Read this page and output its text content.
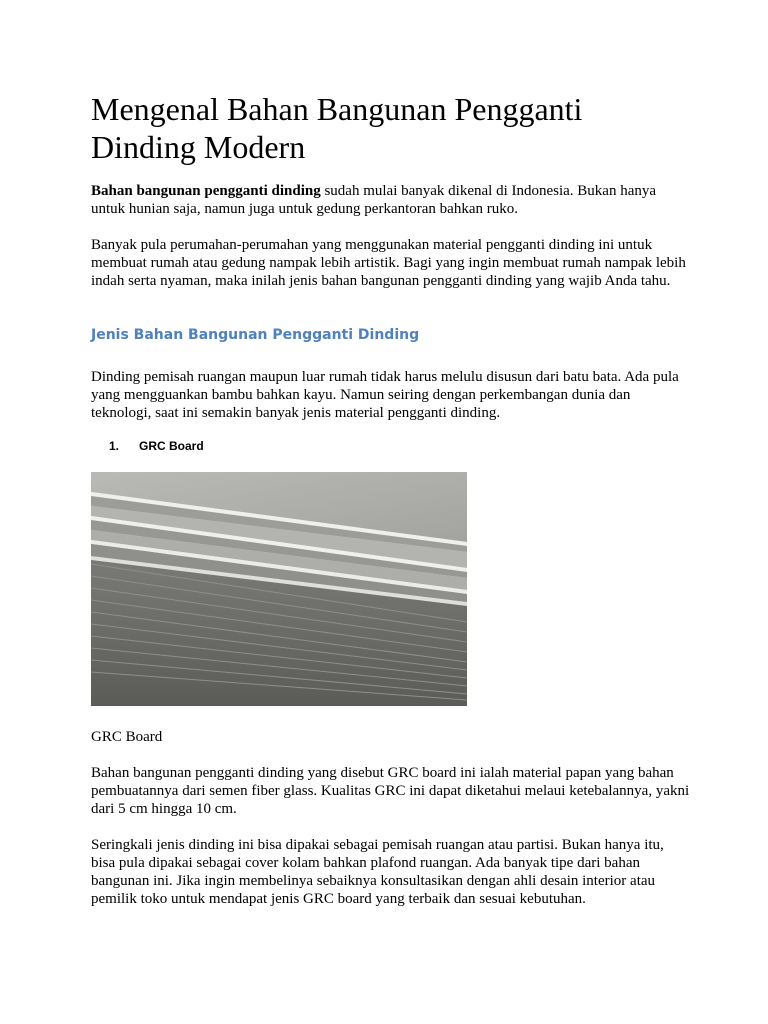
Mengenal Bahan Bangunan Pengganti Dinding Modern

Bahan bangunan pengganti dinding sudah mulai banyak dikenal di Indonesia. Bukan hanya untuk hunian saja, namun juga untuk gedung perkantoran bahkan ruko.

Banyak pula perumahan-perumahan yang menggunakan material pengganti dinding ini untuk membuat rumah atau gedung nampak lebih artistik. Bagi yang ingin membuat rumah nampak lebih indah serta nyaman, maka inilah jenis bahan bangunan pengganti dinding yang wajib Anda tahu.

Jenis Bahan Bangunan Pengganti Dinding

Dinding pemisah ruangan maupun luar rumah tidak harus melulu disusun dari batu bata. Ada pula yang mengguankan bambu bahkan kayu. Namun seiring dengan perkembangan dunia dan teknologi, saat ini semakin banyak jenis material pengganti dinding.

1. GRC Board

GRC Board

Bahan bangunan pengganti dinding yang disebut GRC board ini ialah material papan yang bahan pembuatannya dari semen fiber glass. Kualitas GRC ini dapat diketahui melaui ketebalannya, yakni dari 5 cm hingga 10 cm.

Seringkali jenis dinding ini bisa dipakai sebagai pemisah ruangan atau partisi. Bukan hanya itu, bisa pula dipakai sebagai cover kolam bahkan plafond ruangan. Ada banyak tipe dari bahan bangunan ini. Jika ingin membelinya sebaiknya konsultasikan dengan ahli desain interior atau pemilik toko untuk mendapat jenis GRC board yang terbaik dan sesuai kebutuhan.
